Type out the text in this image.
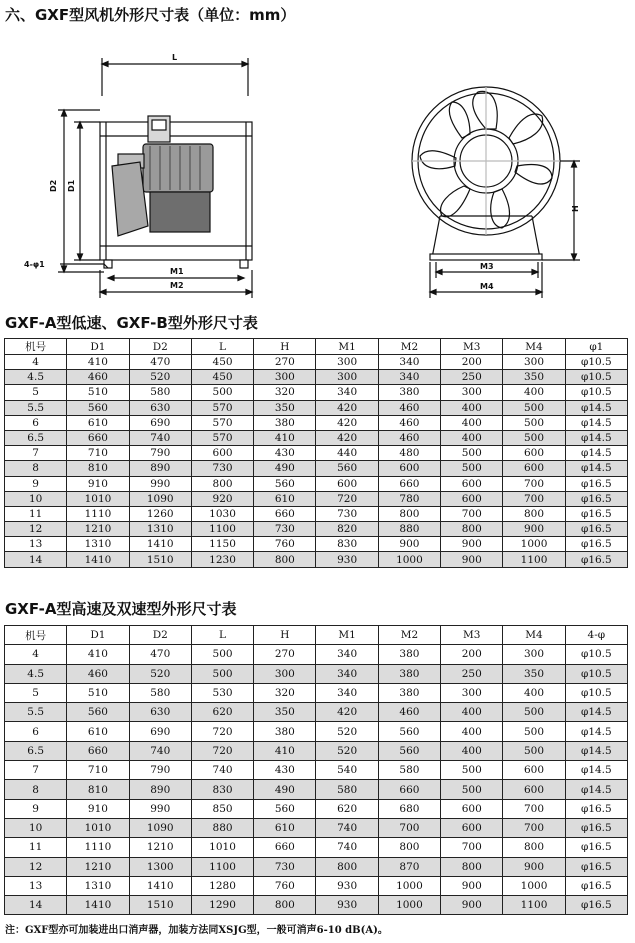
六、GXF型风机外形尺寸表（单位：mm）
L
D2 D1
M1
M2
4-φ1
H
M3
M4
GXF-A型低速、GXF-B型外形尺寸表
机号	D1	D2	L	H	M1	M2	M3	M4	φ1
4	410	470	450	270	300	340	200	300	φ10.5
4.5	460	520	450	300	300	340	250	350	φ10.5
5	510	580	500	320	340	380	300	400	φ10.5
5.5	560	630	570	350	420	460	400	500	φ14.5
6	610	690	570	380	420	460	400	500	φ14.5
6.5	660	740	570	410	420	460	400	500	φ14.5
7	710	790	600	430	440	480	500	600	φ14.5
8	810	890	730	490	560	600	500	600	φ14.5
9	910	990	800	560	600	660	600	700	φ16.5
10	1010	1090	920	610	720	780	600	700	φ16.5
11	1110	1260	1030	660	730	800	700	800	φ16.5
12	1210	1310	1100	730	820	880	800	900	φ16.5
13	1310	1410	1150	760	830	900	900	1000	φ16.5
14	1410	1510	1230	800	930	1000	900	1100	φ16.5
GXF-A型高速及双速型外形尺寸表
机号	D1	D2	L	H	M1	M2	M3	M4	4-φ
4	410	470	500	270	340	380	200	300	φ10.5
4.5	460	520	500	300	340	380	250	350	φ10.5
5	510	580	530	320	340	380	300	400	φ10.5
5.5	560	630	620	350	420	460	400	500	φ14.5
6	610	690	720	380	520	560	400	500	φ14.5
6.5	660	740	720	410	520	560	400	500	φ14.5
7	710	790	740	430	540	580	500	600	φ14.5
8	810	890	830	490	580	660	500	600	φ14.5
9	910	990	850	560	620	680	600	700	φ16.5
10	1010	1090	880	610	740	700	600	700	φ16.5
11	1110	1210	1010	660	740	800	700	800	φ16.5
12	1210	1300	1100	730	800	870	800	900	φ16.5
13	1310	1410	1280	760	930	1000	900	1000	φ16.5
14	1410	1510	1290	800	930	1000	900	1100	φ16.5
注：GXF型亦可加装进出口消声器，加装方法同XSJG型，一般可消声6-10 dB(A)。
